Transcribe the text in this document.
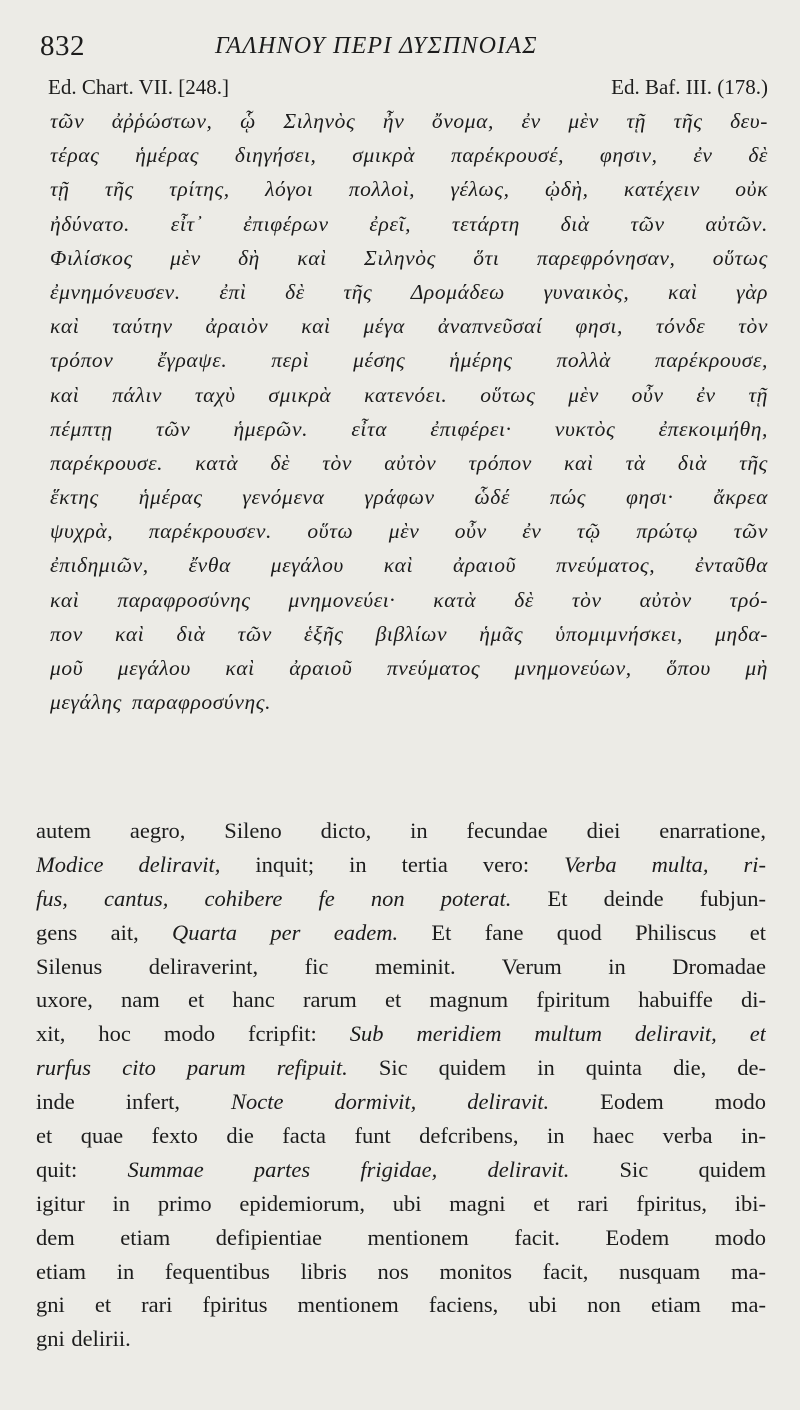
832	ΓΑΛΗΝΟΥ ΠΕΡΙ ΔΥΣΠΝΟΙΑΣ
Ed. Chart. VII. [248.]	Ed. Baf. III. (178.)
τῶν ἀῤῥώστων, ᾧ Σιληνὸς ἦν ὄνομα, ἐν μὲν τῇ τῆς δευ-
τέρας ἡμέρας διηγήσει, σμικρὰ παρέκρουσέ, φησιν, ἐν δὲ
τῇ τῆς τρίτης, λόγοι πολλοὶ, γέλως, ᾠδὴ, κατέχειν οὐκ
ἠδύνατο. εἶτ᾽ ἐπιφέρων ἐρεῖ, τετάρτη διὰ τῶν αὐτῶν.
Φιλίσκος μὲν δὴ καὶ Σιληνὸς ὅτι παρεφρόνησαν, οὕτως
ἐμνημόνευσεν. ἐπὶ δὲ τῆς Δρομάδεω γυναικὸς, καὶ γὰρ
καὶ ταύτην ἀραιὸν καὶ μέγα ἀναπνεῦσαί φησι, τόνδε τὸν
τρόπον ἔγραψε. περὶ μέσης ἡμέρης πολλὰ παρέκρουσε,
καὶ πάλιν ταχὺ σμικρὰ κατενόει. οὕτως μὲν οὖν ἐν τῇ
πέμπτῃ τῶν ἡμερῶν. εἶτα ἐπιφέρει· νυκτὸς ἐπεκοιμήθη,
παρέκρουσε. κατὰ δὲ τὸν αὐτὸν τρόπον καὶ τὰ διὰ τῆς
ἕκτης ἡμέρας γενόμενα γράφων ὧδέ πώς φησι· ἄκρεα
ψυχρὰ, παρέκρουσεν. οὕτω μὲν οὖν ἐν τῷ πρώτῳ τῶν
ἐπιδημιῶν, ἔνθα μεγάλου καὶ ἀραιοῦ πνεύματος, ἐνταῦθα
καὶ παραφροσύνης μνημονεύει· κατὰ δὲ τὸν αὐτὸν τρό-
πον καὶ διὰ τῶν ἑξῆς βιβλίων ἡμᾶς ὑπομιμνήσκει, μηδα-
μοῦ μεγάλου καὶ ἀραιοῦ πνεύματος μνημονεύων, ὅπου μὴ
μεγάλης παραφροσύνης.
autem aegro, Sileno dicto, in fecundae diei enarratione,
Modice deliravit, inquit; in tertia vero: Verba multa, ri-
fus, cantus, cohibere fe non poterat. Et deinde fubjun-
gens ait, Quarta per eadem. Et fane quod Philiscus et
Silenus deliraverint, fic meminit. Verum in Dromadae
uxore, nam et hanc rarum et magnum fpiritum habuiffe di-
xit, hoc modo fcripfit: Sub meridiem multum deliravit, et
rurfus cito parum refipuit. Sic quidem in quinta die, de-
inde infert, Nocte dormivit, deliravit. Eodem modo
et quae fexto die facta funt defcribens, in haec verba in-
quit: Summae partes frigidae, deliravit. Sic quidem
igitur in primo epidemiorum, ubi magni et rari fpiritus, ibi-
dem etiam defipientiae mentionem facit. Eodem modo
etiam in fequentibus libris nos monitos facit, nusquam ma-
gni et rari fpiritus mentionem faciens, ubi non etiam ma-
gni delirii.
